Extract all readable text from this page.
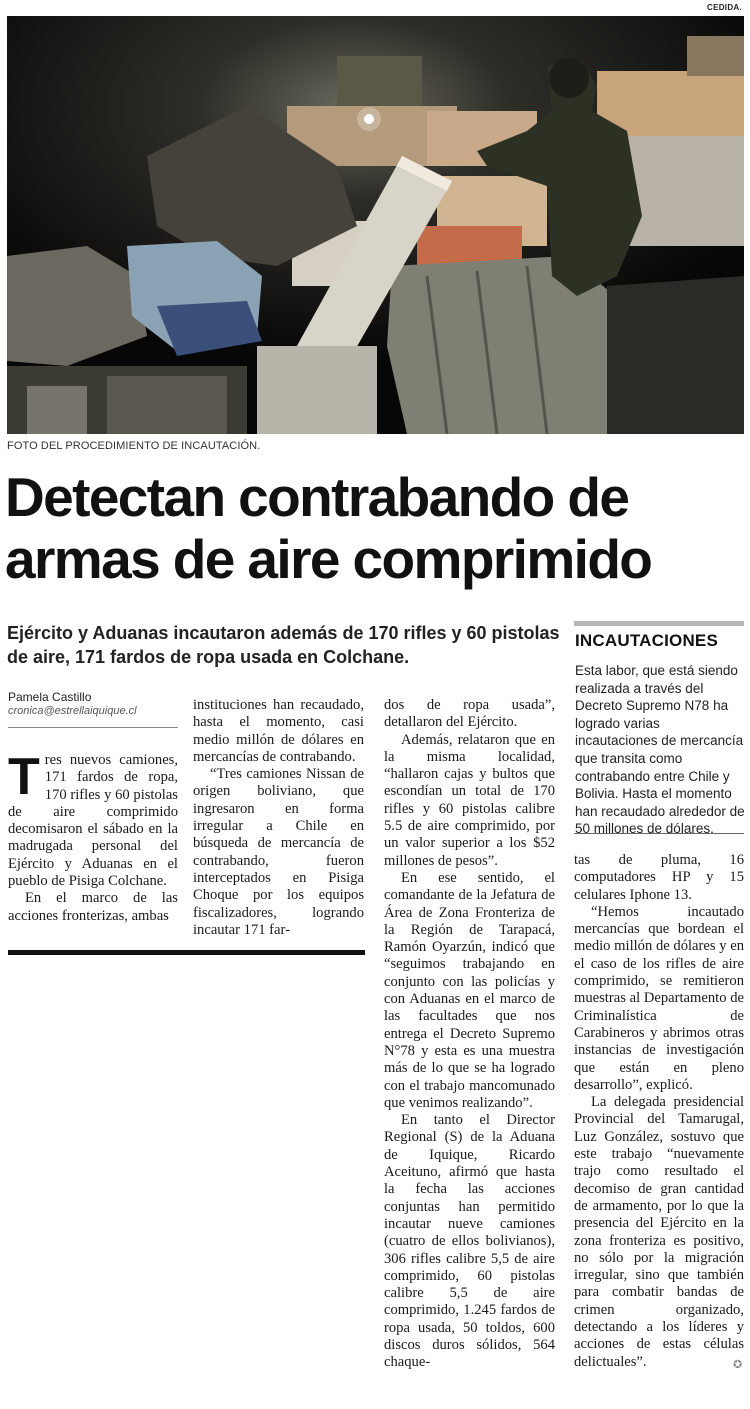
CEDIDA.
FOTO DEL PROCEDIMIENTO DE INCAUTACIÓN.
Detectan contrabando de
armas de aire comprimido
Ejército y Aduanas incautaron además de 170 rifles y 60 pistolas de aire, 171 fardos de ropa usada en Colchane.
Pamela Castillo
cronica@estrellaiquique.cl

Tres nuevos camiones, 171 fardos de ropa, 170 rifles y 60 pistolas de aire comprimido decomisaron el sábado en la madrugada personal del Ejército y Aduanas en el pueblo de Pisiga Colchane.

En el marco de las acciones fronterizas, ambas

instituciones han recaudado, hasta el momento, casi medio millón de dólares en mercancías de contrabando.

“Tres camiones Nissan de origen boliviano, que ingresaron en forma irregular a Chile en búsqueda de mercancía de contrabando, fueron interceptados en Pisiga Choque por los equipos fiscalizadores, logrando incautar 171 far-

dos de ropa usada”, detallaron del Ejército.

Además, relataron que en la misma localidad, “hallaron cajas y bultos que escondían un total de 170 rifles y 60 pistolas calibre 5.5 de aire comprimido, por un valor superior a los $52 millones de pesos”.

En ese sentido, el comandante de la Jefatura de Área de Zona Fronteriza de la Región de Tarapacá, Ramón Oyarzún, indicó que “seguimos trabajando en conjunto con las policías y con Aduanas en el marco de las facultades que nos entrega el Decreto Supremo N°78 y esta es una muestra más de lo que se ha logrado con el trabajo mancomunado que venimos realizando”.

En tanto el Director Regional (S) de la Aduana de Iquique, Ricardo Aceituno, afirmó que hasta la fecha las acciones conjuntas han permitido incautar nueve camiones (cuatro de ellos bolivianos), 306 rifles calibre 5,5 de aire comprimido, 60 pistolas calibre 5,5 de aire comprimido, 1.245 fardos de ropa usada, 50 toldos, 600 discos duros sólidos, 564 chaque-

INCAUTACIONES
Esta labor, que está siendo realizada a través del Decreto Supremo N78 ha logrado varias incautaciones de mercancía que transita como contrabando entre Chile y Bolivia. Hasta el momento han recaudado alrededor de 50 millones de dólares.

tas de pluma, 16 computadores HP y 15 celulares Iphone 13.

“Hemos incautado mercancías que bordean el medio millón de dólares y en el caso de los rifles de aire comprimido, se remitieron muestras al Departamento de Criminalística de Carabineros y abrimos otras instancias de investigación que están en pleno desarrollo”, explicó.

La delegada presidencial Provincial del Tamarugal, Luz González, sostuvo que este trabajo “nuevamente trajo como resultado el decomiso de gran cantidad de armamento, por lo que la presencia del Ejército en la zona fronteriza es positivo, no sólo por la migración irregular, sino que también para combatir bandas de crimen organizado, detectando a los líderes y acciones de estas células delictuales”.	✪
